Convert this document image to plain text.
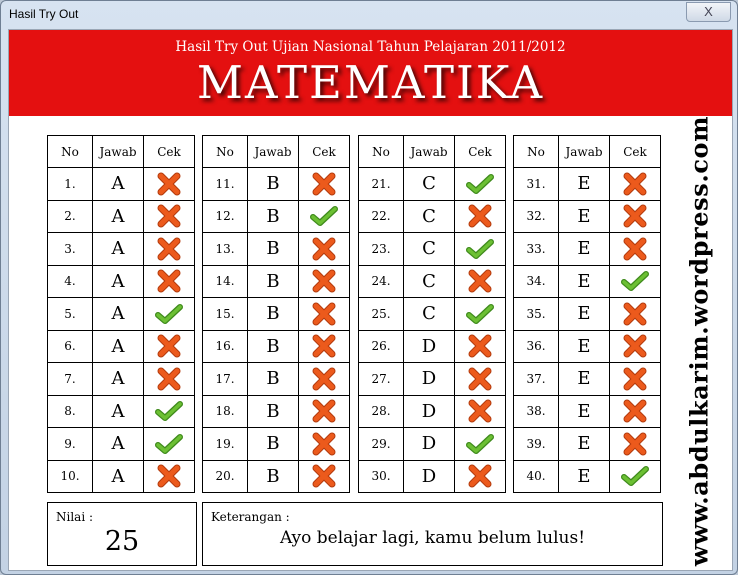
Hasil Try Out	X
Hasil Try Out Ujian Nasional Tahun Pelajaran 2011/2012
MATEMATIKA
No	Jawab	Cek
1.	A	

2.	A	

3.	A	

4.	A	

5.	A	

6.	A	

7.	A	

8.	A	

9.	A	

10.	A	
No	Jawab	Cek
11.	B	

12.	B	

13.	B	

14.	B	

15.	B	

16.	B	

17.	B	

18.	B	

19.	B	

20.	B	
No	Jawab	Cek
21.	C	

22.	C	

23.	C	

24.	C	

25.	C	

26.	D	

27.	D	

28.	D	

29.	D	

30.	D	
No	Jawab	Cek
31.	E	

32.	E	

33.	E	

34.	E	

35.	E	

36.	E	

37.	E	

38.	E	

39.	E	

40.	E	
Nilai :
25
Keterangan :
Ayo belajar lagi, kamu belum lulus!	www.abdulkarim.wordpress.com
